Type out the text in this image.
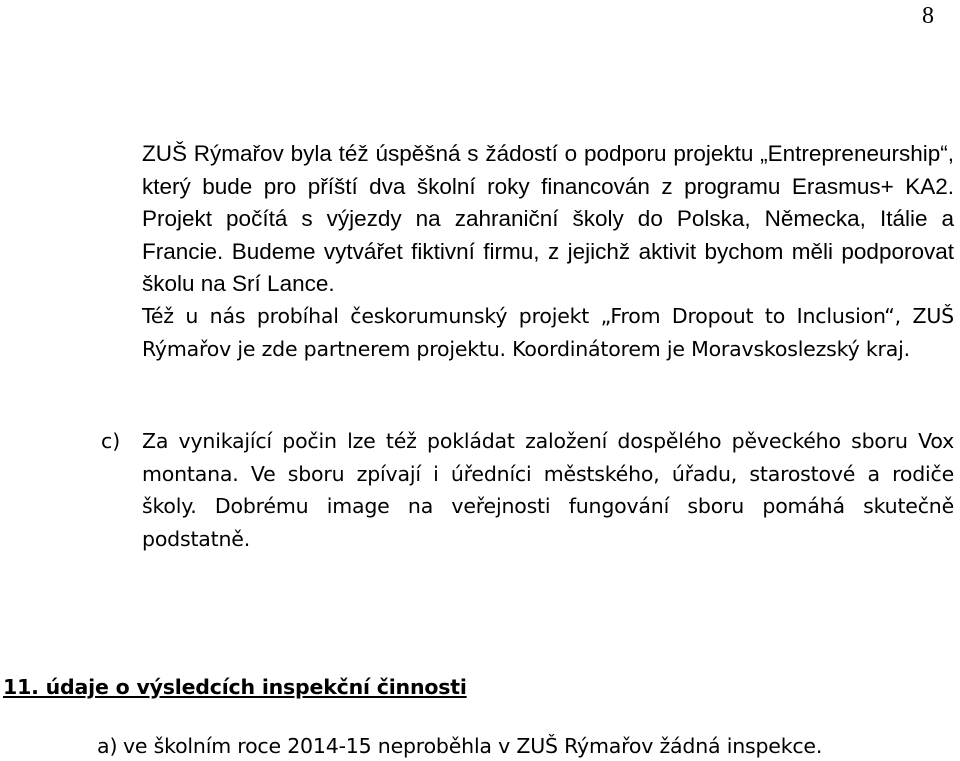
8

ZUŠ Rýmařov byla též úspěšná s žádostí o podporu projektu „Entrepreneurship“, který bude pro příští dva školní roky financován z programu Erasmus+ KA2. Projekt počítá s výjezdy na zahraniční školy do Polska, Německa, Itálie a Francie. Budeme vytvářet fiktivní firmu, z jejichž aktivit bychom měli podporovat školu na Srí Lance.

Též u nás probíhal českorumunský projekt „From Dropout to Inclusion“, ZUŠ Rýmařov je zde partnerem projektu. Koordinátorem je Moravskoslezský kraj.

c) Za vynikající počin lze též pokládat založení dospělého pěveckého sboru Vox montana. Ve sboru zpívají i úředníci městského, úřadu, starostové a rodiče školy. Dobrému image na veřejnosti fungování sboru pomáhá skutečně podstatně.

11. údaje o výsledcích inspekční činnosti
a) ve školním roce 2014-15 neproběhla v ZUŠ Rýmařov žádná inspekce.
